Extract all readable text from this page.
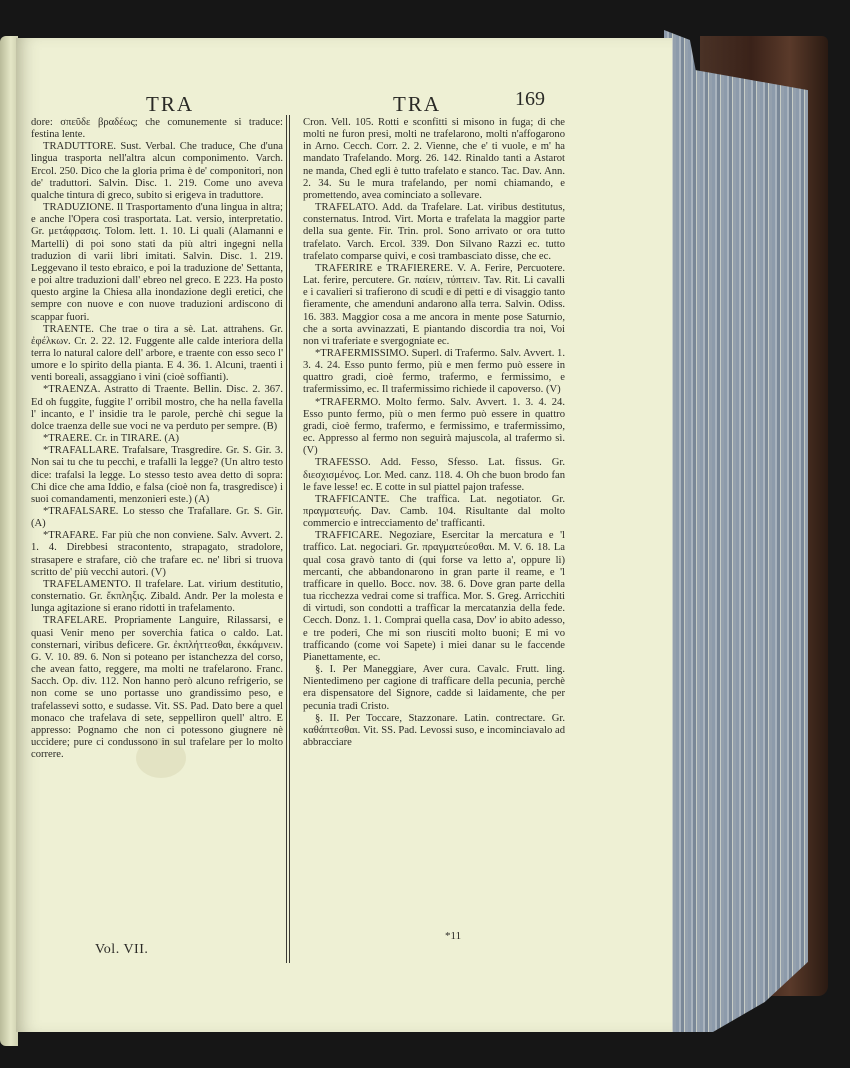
TRA	TRA	169

dore: σπεῦδε βραδέως; che comunemente si traduce: festina lente.

TRADUTTORE. Sust. Verbal. Che traduce, Che d'una lingua trasporta nell'altra alcun componimento. Varch. Ercol. 250. Dico che la gloria prima è de' componitori, non de' traduttori. Salvin. Disc. 1. 219. Come uno aveva qualche tintura di greco, subito si erigeva in traduttore.

TRADUZIONE. Il Trasportamento d'una lingua in altra; e anche l'Opera così trasportata. Lat. versio, interpretatio. Gr. μετάφρασις. Tolom. lett. 1. 10. Li quali (Alamanni e Martelli) di poi sono stati da più altri ingegni nella traduzion di varii libri imitati. Salvin. Disc. 1. 219. Leggevano il testo ebraico, e poi la traduzione de' Settanta, e poi altre traduzioni dall' ebreo nel greco. E 223. Ha posto questo argine la Chiesa alla inondazione degli eretici, che sempre con nuove e con nuove traduzioni ardiscono di scappar fuori.

TRAENTE. Che trae o tira a sè. Lat. attrahens. Gr. ἐφέλκων. Cr. 2. 22. 12. Fuggente alle calde interiora della terra lo natural calore dell' arbore, e traente con esso seco l' umore e lo spirito della pianta. E 4. 36. 1. Alcuni, traenti i venti boreali, assaggiano i vini (cioè soffianti).

*TRAENZA. Astratto di Traente. Bellin. Disc. 2. 367. Ed oh fuggite, fuggite l' orribil mostro, che ha nella favella l' incanto, e l' insidie tra le parole, perchè chi segue la dolce traenza delle sue voci ne va perduto per sempre. (B)

*TRAERE. Cr. in TIRARE. (A)

*TRAFALLARE. Trafalsare, Trasgredire. Gr. S. Gir. 3. Non sai tu che tu pecchi, e trafalli la legge? (Un altro testo dice: trafalsi la legge. Lo stesso testo avea detto di sopra: Chi dice che ama Iddio, e falsa (cioè non fa, trasgredisce) i suoi comandamenti, menzonieri este.) (A)

*TRAFALSARE. Lo stesso che Trafallare. Gr. S. Gir. (A)

*TRAFARE. Far più che non conviene. Salv. Avvert. 2. 1. 4. Direbbesi stracontento, strapagato, stradolore, strasapere e strafare, ciò che trafare ec. ne' libri si truova scritto de' più vecchi autori. (V)

TRAFELAMENTO. Il trafelare. Lat. virium destitutio, consternatio. Gr. ἔκπληξις. Zibald. Andr. Per la molesta e lunga agitazione si erano ridotti in trafelamento.

TRAFELARE. Propriamente Languire, Rilassarsi, e quasi Venir meno per soverchia fatica o caldo. Lat. consternari, viribus deficere. Gr. ἐκπλήττεσθαι, ἐκκάμνειν. G. V. 10. 89. 6. Non si poteano per istanchezza del corso, che avean fatto, reggere, ma molti ne trafelarono. Franc. Sacch. Op. div. 112. Non hanno però alcuno refrigerio, se non come se uno portasse uno grandissimo peso, e trafelassevi sotto, e sudasse. Vit. SS. Pad. Dato bere a quel monaco che trafelava di sete, seppelliron quell' altro. E appresso: Pognamo che non ci potessono giugnere nè uccidere; pure ci condussono in sul trafelare per lo molto correre.

Cron. Vell. 105. Rotti e sconfitti si misono in fuga; di che molti ne furon presi, molti ne trafelarono, molti n'affogarono in Arno. Cecch. Corr. 2. 2. Vienne, che e' ti vuole, e m' ha mandato Trafelando. Morg. 26. 142. Rinaldo tanti a Astarot ne manda, Ched egli è tutto trafelato e stanco. Tac. Dav. Ann. 2. 34. Su le mura trafelando, per nomi chiamando, e promettendo, avea cominciato a sollevare.

TRAFELATO. Add. da Trafelare. Lat. viribus destitutus, consternatus. Introd. Virt. Morta e trafelata la maggior parte della sua gente. Fir. Trin. prol. Sono arrivato or ora tutto trafelato. Varch. Ercol. 339. Don Silvano Razzi ec. tutto trafelato comparse quivi, e così trambasciato disse, che ec.

TRAFERIRE e TRAFIERERE. V. A. Ferire, Percuotere. Lat. ferire, percutere. Gr. παίειν, τύπτειν. Tav. Rit. Li cavalli e i cavalieri si trafierono di scudi e di petti e di visaggio tanto fieramente, che amenduni andarono alla terra. Salvin. Odiss. 16. 383. Maggior cosa a me ancora in mente pose Saturnio, che a sorta avvinazzati, E piantando discordia tra noi, Voi non vi traferiate e svergogniate ec.

*TRAFERMISSIMO. Superl. di Trafermo. Salv. Avvert. 1. 3. 4. 24. Esso punto fermo, più e men fermo può essere in quattro gradi, cioè fermo, trafermo, e fermissimo, e trafermissimo, ec. Il trafermissimo richiede il capoverso. (V)

*TRAFERMO. Molto fermo. Salv. Avvert. 1. 3. 4. 24. Esso punto fermo, più o men fermo può essere in quattro gradi, cioè fermo, trafermo, e fermissimo, e trafermissimo, ec. Appresso al fermo non seguirà majuscola, al trafermo sì. (V)

TRAFESSO. Add. Fesso, Sfesso. Lat. fissus. Gr. διεσχισμένος. Lor. Med. canz. 118. 4. Oh che buon brodo fan le fave lesse! ec. E cotte in sul piattel pajon trafesse.

TRAFFICANTE. Che traffica. Lat. negotiator. Gr. πραγματευής. Dav. Camb. 104. Risultante dal molto commercio e intrecciamento de' trafficanti.

TRAFFICARE. Negoziare, Esercitar la mercatura e 'l traffico. Lat. negociari. Gr. πραγματεύεσθαι. M. V. 6. 18. La qual cosa gravò tanto di (qui forse va letto a', oppure li) mercanti, che abbandonarono in gran parte il reame, e 'l trafficare in quello. Bocc. nov. 38. 6. Dove gran parte della tua ricchezza vedrai come si traffica. Mor. S. Greg. Arricchiti di virtudi, son condotti a trafficar la mercatanzia della fede. Cecch. Donz. 1. 1. Comprai quella casa, Dov' io abito adesso, e tre poderi, Che mi son riusciti molto buoni; E mi vo trafficando (come voi Sapete) i miei danar su le faccende Pianettamente, ec.

§. I. Per Maneggiare, Aver cura. Cavalc. Frutt. ling. Nientedimeno per cagione di trafficare della pecunia, perchè era dispensatore del Signore, cadde sì laidamente, che per pecunia tradì Cristo.

§. II. Per Toccare, Stazzonare. Latin. contrectare. Gr. καθάπτεσθαι. Vit. SS. Pad. Levossi suso, e incominciavalo ad abbracciare

Vol. VII.
*11
